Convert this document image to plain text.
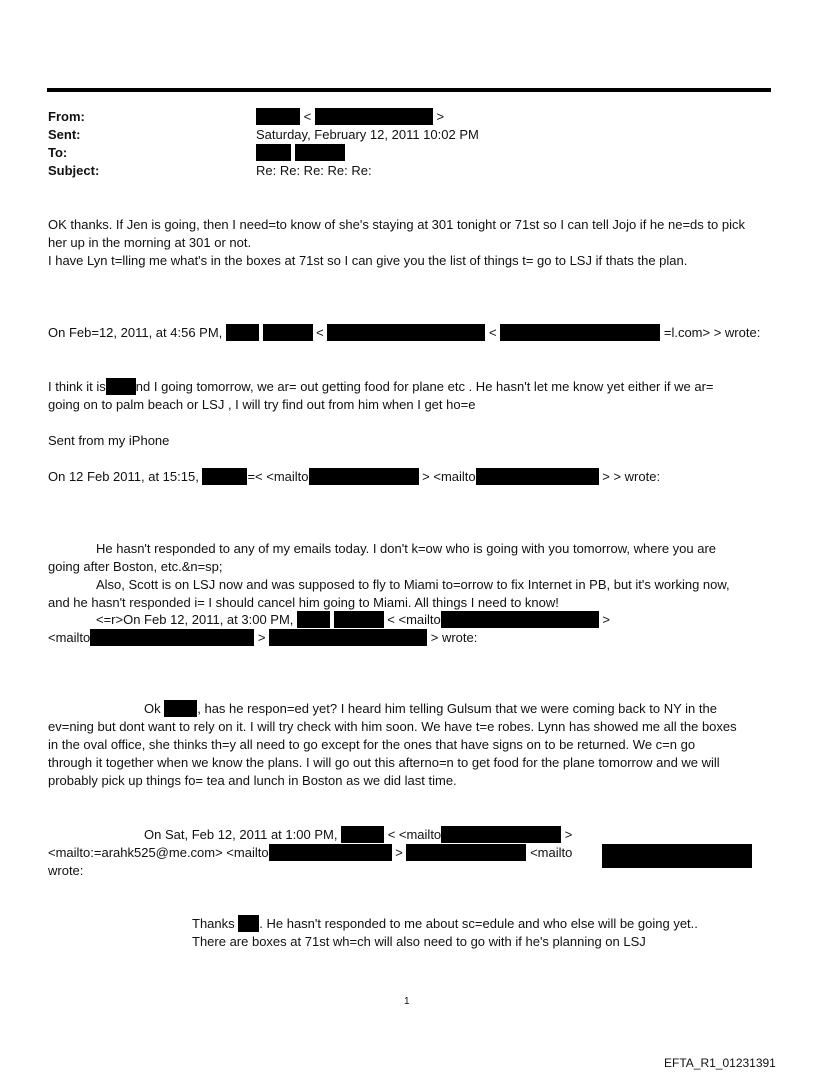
From:	<	>
Sent:	Saturday, February 12, 2011 10:02 PM
To:

Subject:	Re: Re: Re: Re: Re:
OK thanks. If Jen is going, then I need=to know of she's staying at 301 tonight or 71st so I can tell Jojo if he ne=ds to pick
her up in the morning at 301 or not.
I have Lyn t=lling me what's in the boxes at 71st so I can give you the list of things t= go to LSJ if thats the plan.
On Feb=12, 2011, at 4:56 PM,	<	<	=l.com> > wrote:
I think it is nd I going tomorrow, we ar= out getting food for plane etc . He hasn't let me know yet either if we ar=
going on to palm beach or LSJ , I will try find out from him when I get ho=e
Sent from my iPhone
On 12 Feb 2011, at 15:15,	=< <mailto	> <mailto	> > wrote:
He hasn't responded to any of my emails today. I don't k=ow who is going with you tomorrow, where you are
going after Boston, etc.&n=sp;
Also, Scott is on LSJ now and was supposed to fly to Miami to=orrow to fix Internet in PB, but it's working now,
and he hasn't responded i= I should cancel him going to Miami. All things I need to know!
<=r>On Feb 12, 2011, at 3:00 PM,	< <mailto	>
<mailto	>	> wrote:
Ok	, has he respon=ed yet? I heard him telling Gulsum that we were coming back to NY in the
ev=ning but dont want to rely on it. I will try check with him soon. We have t=e robes. Lynn has showed me all the boxes
in the oval office, she thinks th=y all need to go except for the ones that have signs on to be returned. We c=n go
through it together when we know the plans. I will go out this afterno=n to get food for the plane tomorrow and we will
probably pick up things fo= tea and lunch in Boston as we did last time.
On Sat, Feb 12, 2011 at 1:00 PM,	< <mailto	>
<mailto:=arahk525@me.com> <mailto	>	<mailto
wrote:
Thanks . He hasn't responded to me about sc=edule and who else will be going yet..
There are boxes at 71st wh=ch will also need to go with if he's planning on LSJ
1
EFTA_R1_01231391
